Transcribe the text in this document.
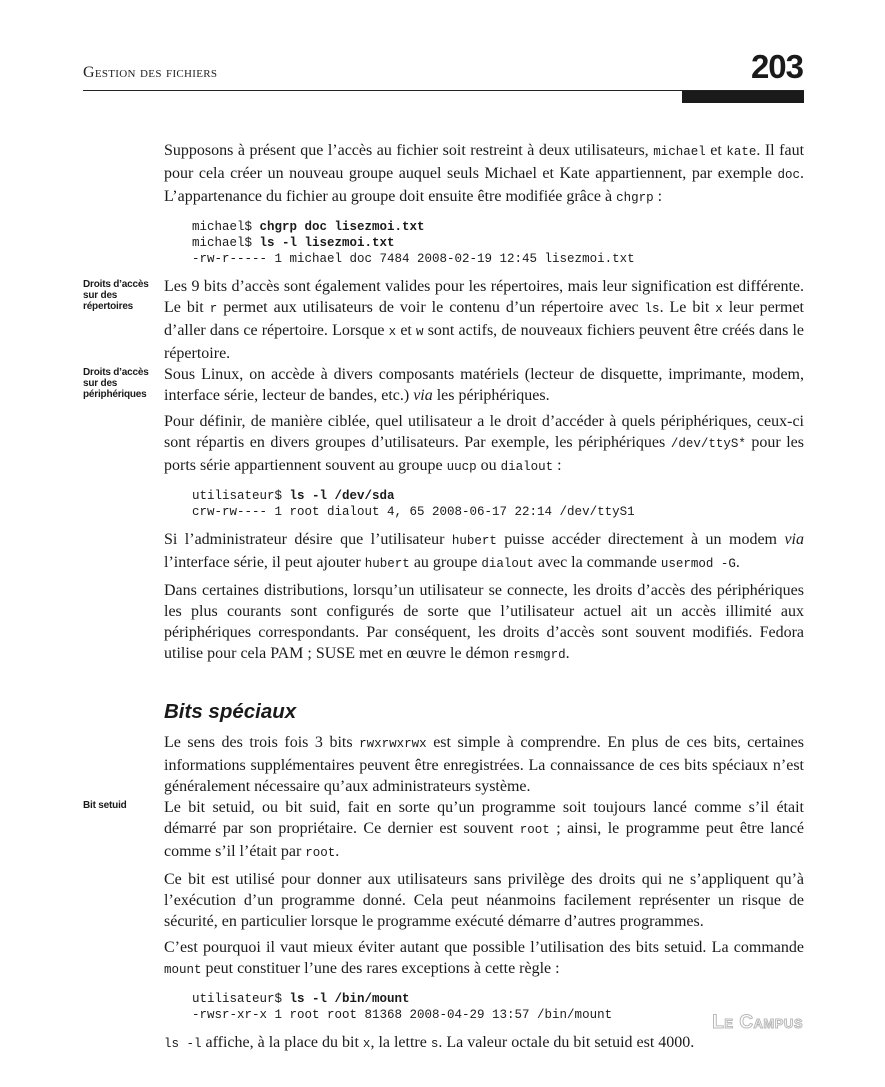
Gestion des fichiers	203

Supposons à présent que l’accès au fichier soit restreint à deux utilisateurs, michael et kate. Il faut pour cela créer un nouveau groupe auquel seuls Michael et Kate appartiennent, par exemple doc. L’appartenance du fichier au groupe doit ensuite être modifiée grâce à chgrp :

michael$ chgrp doc lisezmoi.txt
michael$ ls -l lisezmoi.txt
-rw-r----- 1 michael doc 7484 2008-02-19 12:45 lisezmoi.txt
Droits d’accès sur des répertoires

Les 9 bits d’accès sont également valides pour les répertoires, mais leur signification est différente. Le bit r permet aux utilisateurs de voir le contenu d’un répertoire avec ls. Le bit x leur permet d’aller dans ce répertoire. Lorsque x et w sont actifs, de nouveaux fichiers peuvent être créés dans le répertoire.

Droits d’accès sur des périphériques

Sous Linux, on accède à divers composants matériels (lecteur de disquette, imprimante, modem, interface série, lecteur de bandes, etc.) via les périphériques.

Pour définir, de manière ciblée, quel utilisateur a le droit d’accéder à quels périphériques, ceux-ci sont répartis en divers groupes d’utilisateurs. Par exemple, les périphériques /dev/ttyS* pour les ports série appartiennent souvent au groupe uucp ou dialout :

utilisateur$ ls -l /dev/sda
crw-rw---- 1 root dialout 4, 65 2008-06-17 22:14 /dev/ttyS1

Si l’administrateur désire que l’utilisateur hubert puisse accéder directement à un modem via l’interface série, il peut ajouter hubert au groupe dialout avec la commande usermod -G.

Dans certaines distributions, lorsqu’un utilisateur se connecte, les droits d’accès des périphériques les plus courants sont configurés de sorte que l’utilisateur actuel ait un accès illimité aux périphériques correspondants. Par conséquent, les droits d’accès sont souvent modifiés. Fedora utilise pour cela PAM ; SUSE met en œuvre le démon resmgrd.

Bits spéciaux

Le sens des trois fois 3 bits rwxrwxrwx est simple à comprendre. En plus de ces bits, certaines informations supplémentaires peuvent être enregistrées. La connaissance de ces bits spéciaux n’est généralement nécessaire qu’aux administrateurs système.

Bit setuid	Le bit setuid, ou bit suid, fait en sorte qu’un programme soit toujours lancé comme s’il était démarré par son propriétaire. Ce dernier est souvent root ; ainsi, le programme peut être lancé comme s’il l’était par root.

Ce bit est utilisé pour donner aux utilisateurs sans privilège des droits qui ne s’appliquent qu’à l’exécution d’un programme donné. Cela peut néanmoins facilement représenter un risque de sécurité, en particulier lorsque le programme exécuté démarre d’autres programmes.

C’est pourquoi il vaut mieux éviter autant que possible l’utilisation des bits setuid. La commande mount peut constituer l’une des rares exceptions à cette règle :

utilisateur$ ls -l /bin/mount
-rwsr-xr-x 1 root root 81368 2008-04-29 13:57 /bin/mount

ls -l affiche, à la place du bit x, la lettre s. La valeur octale du bit setuid est 4000.

Le Campus
